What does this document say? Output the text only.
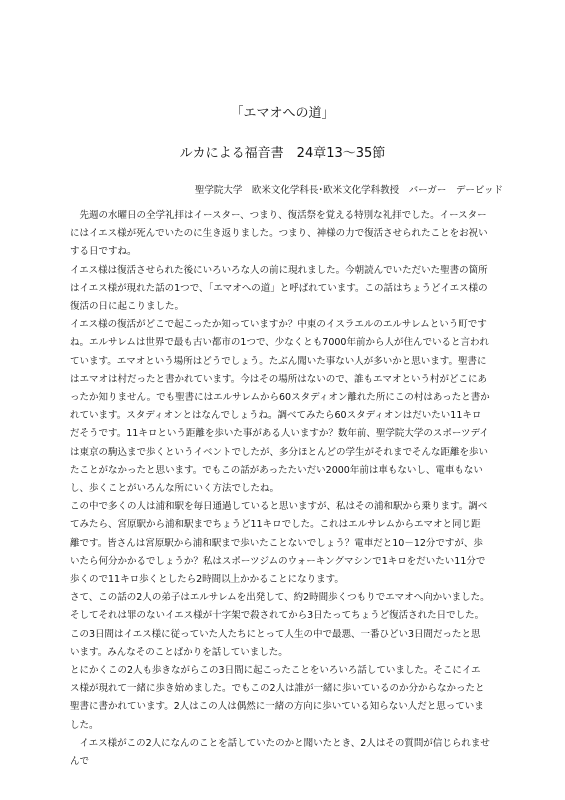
「エマオへの道」
ルカによる福音書　24章13～35節
聖学院大学　欧米文化学科長･欧米文化学科教授　バーガー　デービッド

　先週の水曜日の全学礼拝はイースター、つまり、復活祭を覚える特別な礼拝でした。イースターにはイエス様が死んでいたのに生き返りました。つまり、神様の力で復活させられたことをお祝いする日ですね。

イエス様は復活させられた後にいろいろな人の前に現れました。今朝読んでいただいた聖書の箇所はイエス様が現れた話の1つで、「エマオへの道」と呼ばれています。この話はちょうどイエス様の復活の日に起こりました。

イエス様の復活がどこで起こったか知っていますか？中東のイスラエルのエルサレムという町ですね。エルサレムは世界で最も古い都市の1つで、少なくとも7000年前から人が住んでいると言われています。エマオという場所はどうでしょう。たぶん聞いた事ない人が多いかと思います。聖書にはエマオは村だったと書かれています。今はその場所はないので、誰もエマオという村がどこにあったか知りません。でも聖書にはエルサレムから60スタディオン離れた所にこの村はあったと書かれています。スタディオンとはなんでしょうね。調べてみたら60スタディオンはだいたい11キロだそうです。11キロという距離を歩いた事がある人いますか？数年前、聖学院大学のスポーツデイは東京の駒込まで歩くというイベントでしたが、多分ほとんどの学生がそれまでそんな距離を歩いたことがなかったと思います。でもこの話があったたいだい2000年前は車もないし、電車もないし、歩くことがいろんな所にいく方法でしたね。

この中で多くの人は浦和駅を毎日通過していると思いますが、私はその浦和駅から乗ります。調べてみたら、宮原駅から浦和駅までちょうど11キロでした。これはエルサレムからエマオと同じ距離です。皆さんは宮原駅から浦和駅まで歩いたことないでしょう？電車だと10－12分ですが、歩いたら何分かかるでしょうか？私はスポーツジムのウォーキングマシンで1キロをだいたい11分で歩くので11キロ歩くとしたら2時間以上かかることになります。

さて、この話の2人の弟子はエルサレムを出発して、約2時間歩くつもりでエマオへ向かいました。そしてそれは罪のないイエス様が十字架で殺されてから3日たってちょうど復活された日でした。この3日間はイエス様に従っていた人たちにとって人生の中で最悪、一番ひどい3日間だったと思います。みんなそのことばかりを話していました。

とにかくこの2人も歩きながらこの3日間に起こったことをいろいろ話していました。そこにイエス様が現れて一緒に歩き始めました。でもこの2人は誰が一緒に歩いているのか分からなかったと聖書に書かれています。2人はこの人は偶然に一緒の方向に歩いている知らない人だと思っていました。

　イエス様がこの2人になんのことを話していたのかと聞いたとき、2人はその質問が信じられませんで
